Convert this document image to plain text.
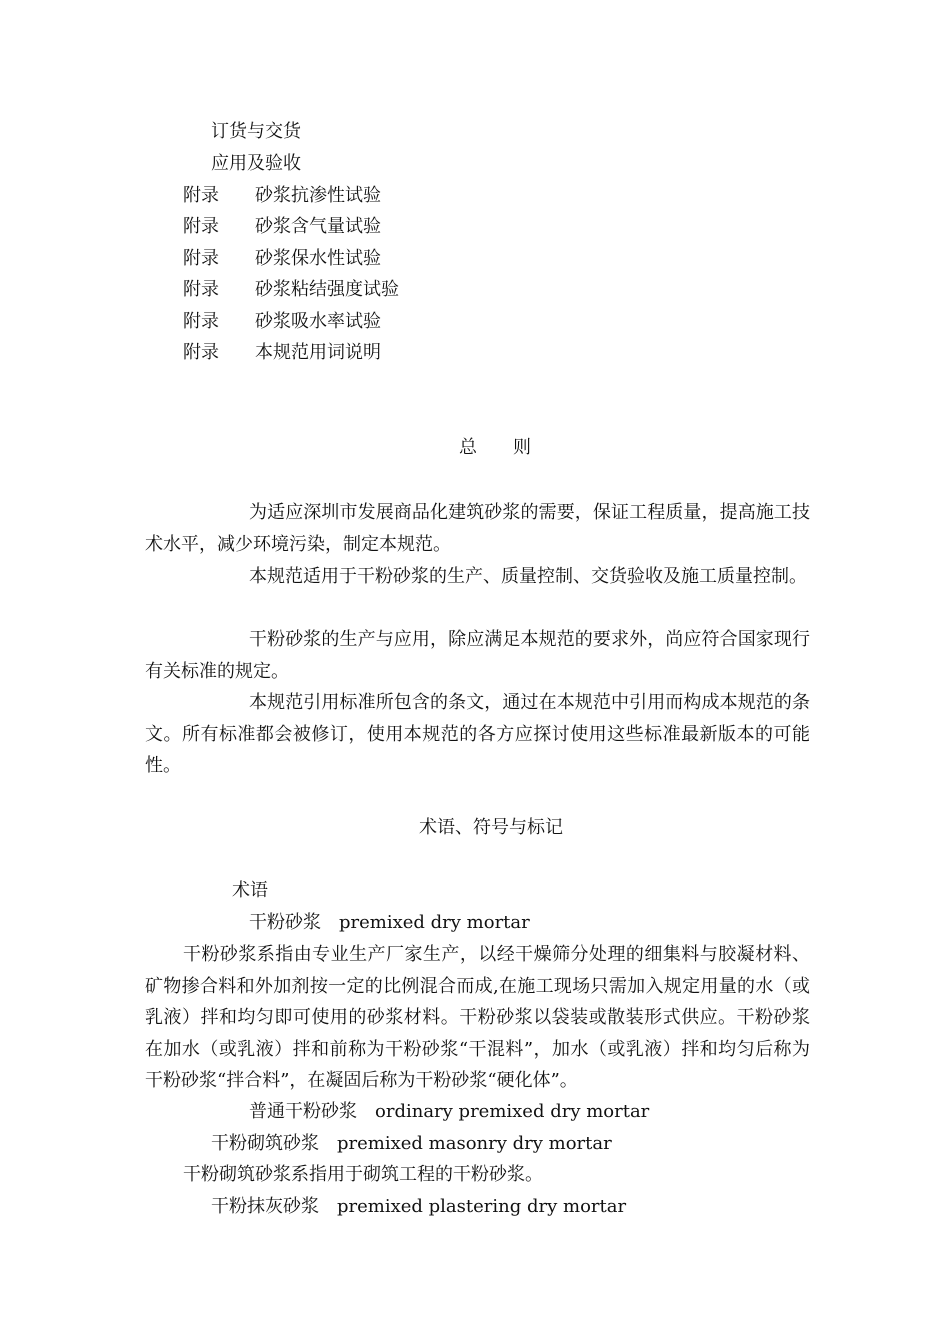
订货与交货
应用及验收
附录 砂浆抗渗性试验
附录 砂浆含气量试验
附录 砂浆保水性试验
附录 砂浆粘结强度试验
附录 砂浆吸水率试验
附录 本规范用词说明
总　　则
为适应深圳市发展商品化建筑砂浆的需要，保证工程质量，提高施工技术水平，减少环境污染，制定本规范。
本规范适用于干粉砂浆的生产、质量控制、交货验收及施工质量控制。
干粉砂浆的生产与应用，除应满足本规范的要求外，尚应符合国家现行有关标准的规定。
本规范引用标准所包含的条文，通过在本规范中引用而构成本规范的条文。所有标准都会被修订，使用本规范的各方应探讨使用这些标准最新版本的可能性。
术语、符号与标记
术语
干粉砂浆 premixed dry mortar
干粉砂浆系指由专业生产厂家生产，以经干燥筛分处理的细集料与胶凝材料、矿物掺合料和外加剂按一定的比例混合而成,在施工现场只需加入规定用量的水（或乳液）拌和均匀即可使用的砂浆材料。干粉砂浆以袋装或散装形式供应。干粉砂浆在加水（或乳液）拌和前称为干粉砂浆“干混料”，加水（或乳液）拌和均匀后称为干粉砂浆“拌合料”，在凝固后称为干粉砂浆“硬化体”。
普通干粉砂浆 ordinary premixed dry mortar
干粉砌筑砂浆 premixed masonry dry mortar
干粉砌筑砂浆系指用于砌筑工程的干粉砂浆。
干粉抹灰砂浆 premixed plastering dry mortar
